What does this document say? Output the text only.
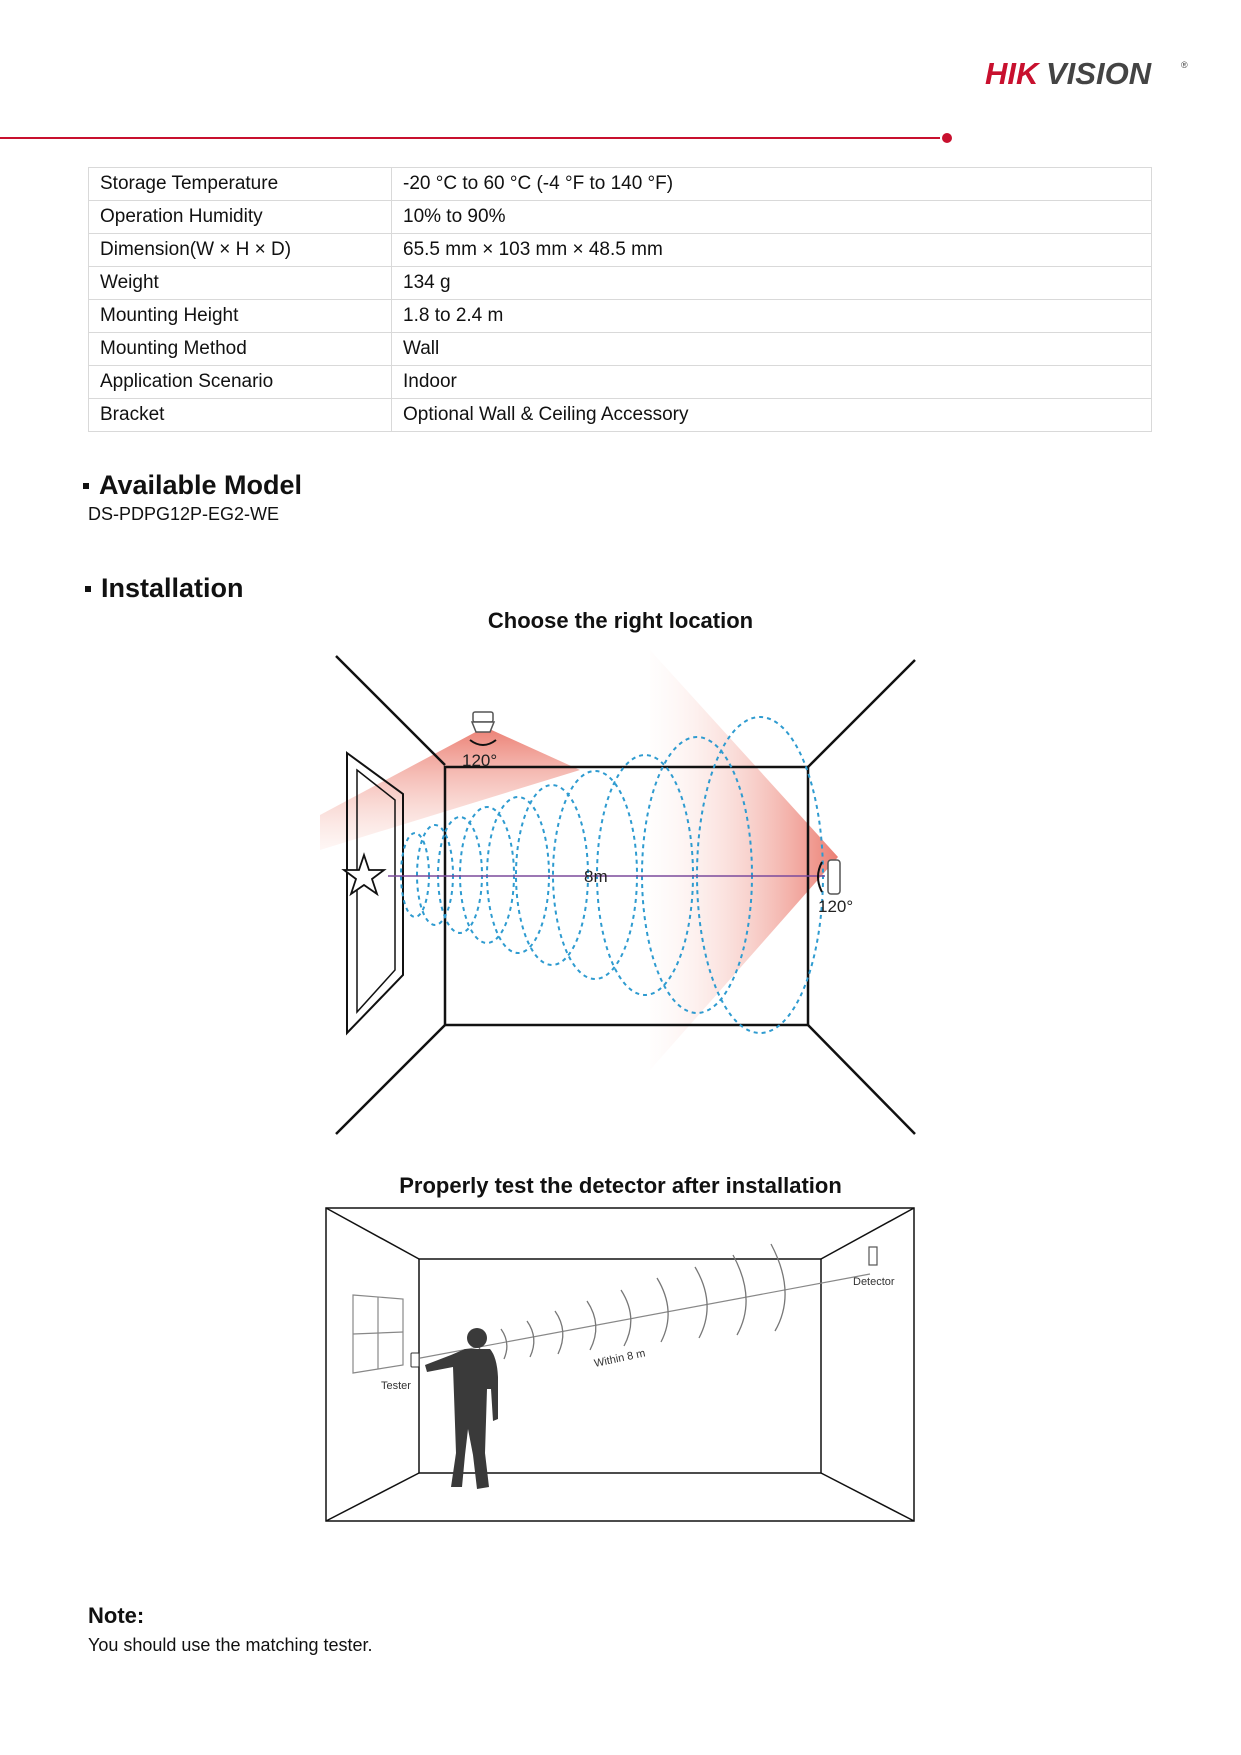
HIK VISION	®
Storage Temperature	-20 °C to 60 °C (-4 °F to 140 °F)
Operation Humidity	10% to 90%
Dimension(W × H × D)	65.5 mm × 103 mm × 48.5 mm
Weight	134 g
Mounting Height	1.8 to 2.4 m
Mounting Method	Wall
Application Scenario	Indoor
Bracket	Optional Wall & Ceiling Accessory
Available Model
DS-PDPG12P-EG2-WE
Installation
Choose the right location
8m
120°
120°
Properly test the detector after installation
Detector
Within 8 m
Tester
Note:
You should use the matching tester.
